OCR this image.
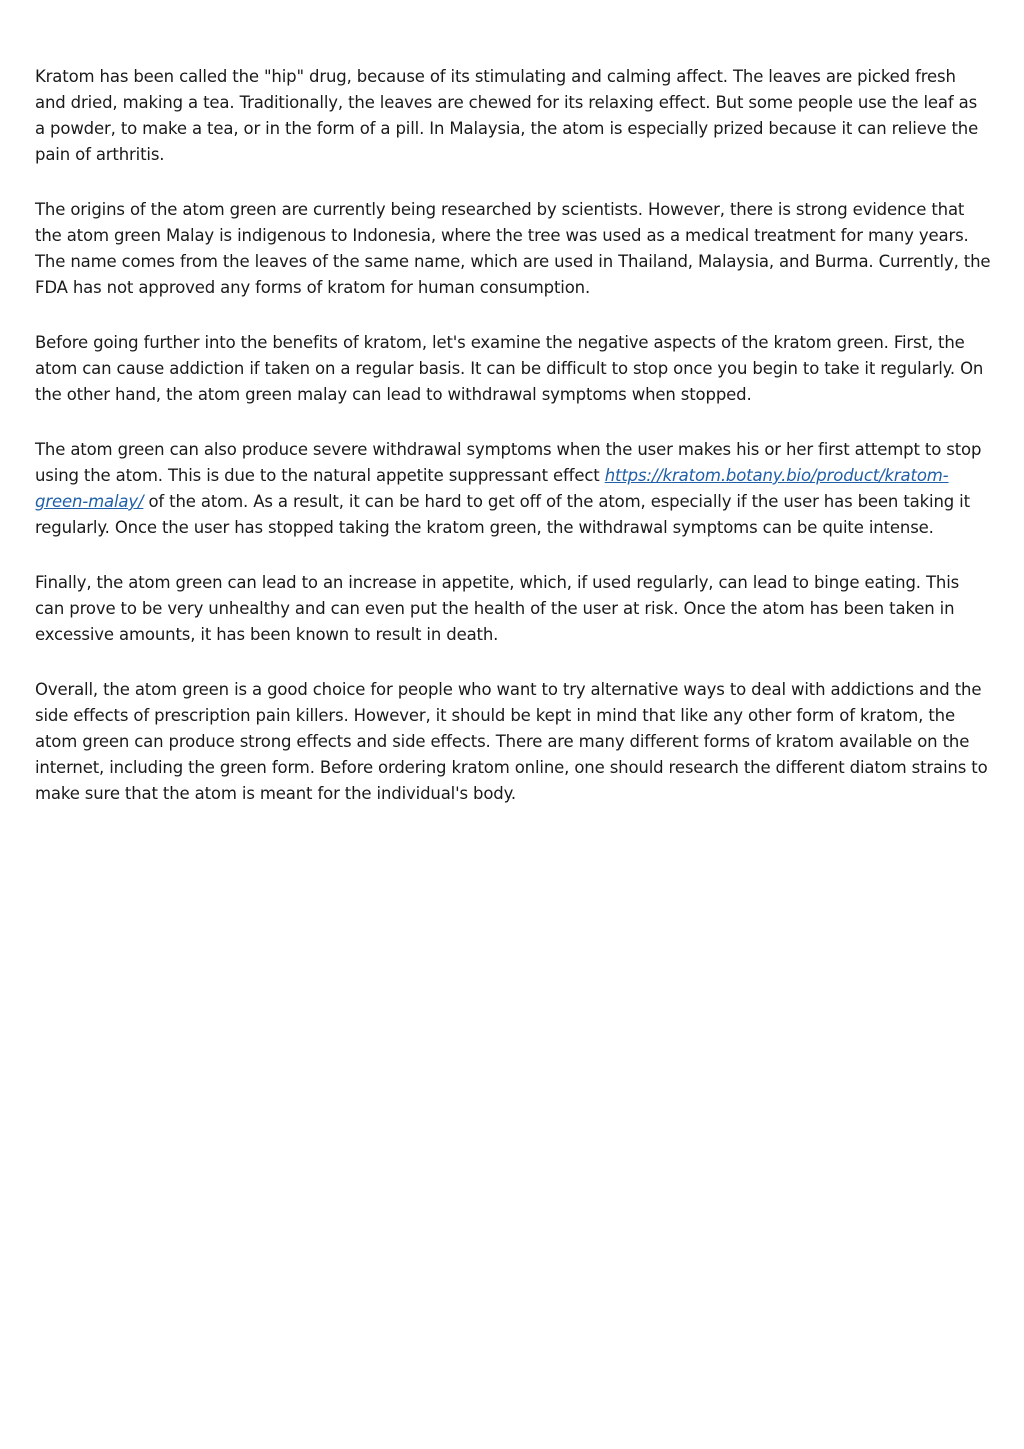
Kratom has been called the "hip" drug, because of its stimulating and calming affect. The leaves are picked fresh and dried, making a tea. Traditionally, the leaves are chewed for its relaxing effect. But some people use the leaf as a powder, to make a tea, or in the form of a pill. In Malaysia, the atom is especially prized because it can relieve the pain of arthritis.

The origins of the atom green are currently being researched by scientists. However, there is strong evidence that the atom green Malay is indigenous to Indonesia, where the tree was used as a medical treatment for many years. The name comes from the leaves of the same name, which are used in Thailand, Malaysia, and Burma. Currently, the FDA has not approved any forms of kratom for human consumption.

Before going further into the benefits of kratom, let's examine the negative aspects of the kratom green. First, the atom can cause addiction if taken on a regular basis. It can be difficult to stop once you begin to take it regularly. On the other hand, the atom green malay can lead to withdrawal symptoms when stopped.

The atom green can also produce severe withdrawal symptoms when the user makes his or her first attempt to stop using the atom. This is due to the natural appetite suppressant effect https://kratom.botany.bio/product/kratom-green-malay/ of the atom. As a result, it can be hard to get off of the atom, especially if the user has been taking it regularly. Once the user has stopped taking the kratom green, the withdrawal symptoms can be quite intense.

Finally, the atom green can lead to an increase in appetite, which, if used regularly, can lead to binge eating. This can prove to be very unhealthy and can even put the health of the user at risk. Once the atom has been taken in excessive amounts, it has been known to result in death.

Overall, the atom green is a good choice for people who want to try alternative ways to deal with addictions and the side effects of prescription pain killers. However, it should be kept in mind that like any other form of kratom, the atom green can produce strong effects and side effects. There are many different forms of kratom available on the internet, including the green form. Before ordering kratom online, one should research the different diatom strains to make sure that the atom is meant for the individual's body.
